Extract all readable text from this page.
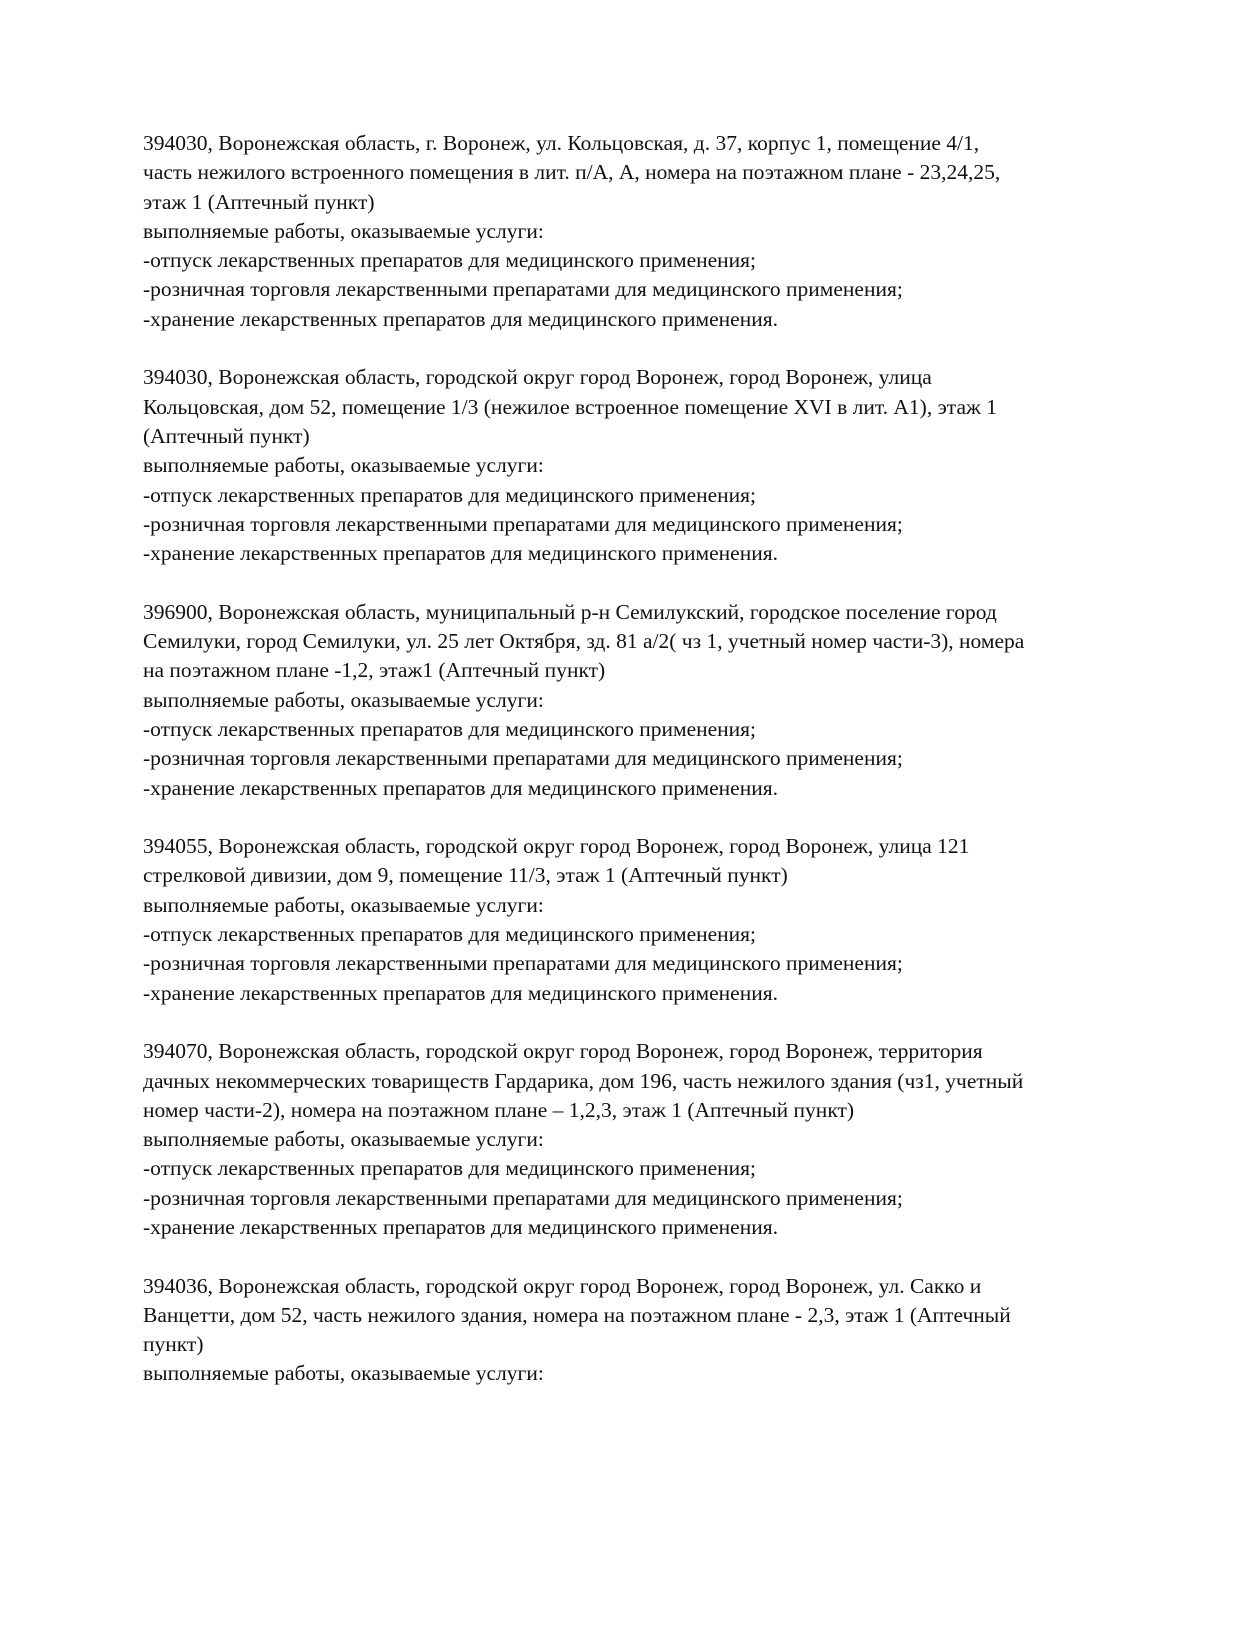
394030, Воронежская область, г. Воронеж, ул. Кольцовская, д. 37, корпус 1, помещение 4/1,
часть нежилого встроенного помещения в лит. п/А, А, номера на поэтажном плане - 23,24,25,
этаж 1 (Аптечный пункт)
выполняемые работы, оказываемые услуги:
-отпуск лекарственных препаратов для медицинского применения;
-розничная торговля лекарственными препаратами для медицинского применения;
-хранение лекарственных препаратов для медицинского применения.
394030, Воронежская область, городской округ город Воронеж, город Воронеж, улица
Кольцовская, дом 52, помещение 1/3 (нежилое встроенное помещение XVI в лит. А1), этаж 1
(Аптечный пункт)
выполняемые работы, оказываемые услуги:
-отпуск лекарственных препаратов для медицинского применения;
-розничная торговля лекарственными препаратами для медицинского применения;
-хранение лекарственных препаратов для медицинского применения.
396900, Воронежская область, муниципальный р-н Семилукский, городское поселение город
Семилуки, город Семилуки, ул. 25 лет Октября, зд. 81 а/2( чз 1, учетный номер части-3), номера
на поэтажном плане -1,2, этаж1 (Аптечный пункт)
выполняемые работы, оказываемые услуги:
-отпуск лекарственных препаратов для медицинского применения;
-розничная торговля лекарственными препаратами для медицинского применения;
-хранение лекарственных препаратов для медицинского применения.
394055, Воронежская область, городской округ город Воронеж, город Воронеж, улица 121
стрелковой дивизии, дом 9, помещение 11/3, этаж 1 (Аптечный пункт)
выполняемые работы, оказываемые услуги:
-отпуск лекарственных препаратов для медицинского применения;
-розничная торговля лекарственными препаратами для медицинского применения;
-хранение лекарственных препаратов для медицинского применения.
394070, Воронежская область, городской округ город Воронеж, город Воронеж, территория
дачных некоммерческих товариществ Гардарика, дом 196, часть нежилого здания (чз1, учетный
номер части-2), номера на поэтажном плане – 1,2,3, этаж 1 (Аптечный пункт)
выполняемые работы, оказываемые услуги:
-отпуск лекарственных препаратов для медицинского применения;
-розничная торговля лекарственными препаратами для медицинского применения;
-хранение лекарственных препаратов для медицинского применения.
394036, Воронежская область, городской округ город Воронеж, город Воронеж, ул. Сакко и
Ванцетти, дом 52, часть нежилого здания, номера на поэтажном плане - 2,3, этаж 1 (Аптечный
пункт)
выполняемые работы, оказываемые услуги:
